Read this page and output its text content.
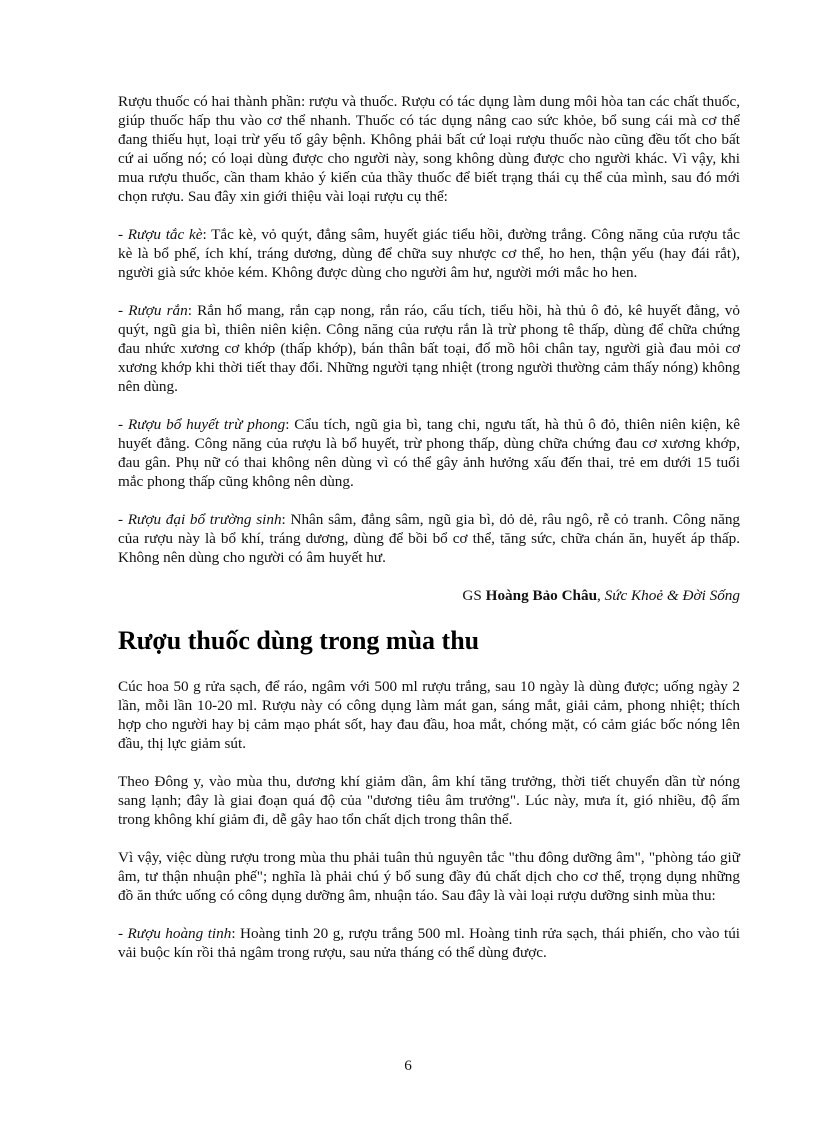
Rượu thuốc có hai thành phần: rượu và thuốc. Rượu có tác dụng làm dung môi hòa tan các chất thuốc, giúp thuốc hấp thu vào cơ thể nhanh. Thuốc có tác dụng nâng cao sức khỏe, bổ sung cái mà cơ thể đang thiếu hụt, loại trừ yếu tố gây bệnh. Không phải bất cứ loại rượu thuốc nào cũng đều tốt cho bất cứ ai uống nó; có loại dùng được cho người này, song không dùng được cho người khác. Vì vậy, khi mua rượu thuốc, cần tham khảo ý kiến của thầy thuốc để biết trạng thái cụ thể của mình, sau đó mới chọn rượu. Sau đây xin giới thiệu vài loại rượu cụ thể:

- Rượu tắc kè: Tắc kè, vỏ quýt, đẳng sâm, huyết giác tiểu hồi, đường trắng. Công năng của rượu tắc kè là bổ phế, ích khí, tráng dương, dùng để chữa suy nhược cơ thể, ho hen, thận yếu (hay đái rắt), người già sức khỏe kém. Không được dùng cho người âm hư, người mới mắc ho hen.

- Rượu rắn: Rắn hổ mang, rắn cạp nong, rắn ráo, cẩu tích, tiểu hồi, hà thủ ô đỏ, kê huyết đằng, vỏ quýt, ngũ gia bì, thiên niên kiện. Công năng của rượu rắn là trừ phong tê thấp, dùng để chữa chứng đau nhức xương cơ khớp (thấp khớp), bán thân bất toại, đổ mồ hôi chân tay, người già đau mỏi cơ xương khớp khi thời tiết thay đổi. Những người tạng nhiệt (trong người thường cảm thấy nóng) không nên dùng.

- Rượu bổ huyết trừ phong: Cẩu tích, ngũ gia bì, tang chi, ngưu tất, hà thủ ô đỏ, thiên niên kiện, kê huyết đằng. Công năng của rượu là bổ huyết, trừ phong thấp, dùng chữa chứng đau cơ xương khớp, đau gân. Phụ nữ có thai không nên dùng vì có thể gây ảnh hưởng xấu đến thai, trẻ em dưới 15 tuổi mắc phong thấp cũng không nên dùng.

- Rượu đại bổ trường sinh: Nhân sâm, đẳng sâm, ngũ gia bì, dỏ dẻ, râu ngô, rễ cỏ tranh. Công năng của rượu này là bổ khí, tráng dương, dùng để bồi bổ cơ thể, tăng sức, chữa chán ăn, huyết áp thấp. Không nên dùng cho người có âm huyết hư.

GS Hoàng Bảo Châu, Sức Khoẻ & Đời Sống

Rượu thuốc dùng trong mùa thu

Cúc hoa 50 g rửa sạch, để ráo, ngâm với 500 ml rượu trắng, sau 10 ngày là dùng được; uống ngày 2 lần, mỗi lần 10-20 ml. Rượu này có công dụng làm mát gan, sáng mắt, giải cảm, phong nhiệt; thích hợp cho người hay bị cảm mạo phát sốt, hay đau đầu, hoa mắt, chóng mặt, có cảm giác bốc nóng lên đầu, thị lực giảm sút.

Theo Đông y, vào mùa thu, dương khí giảm dần, âm khí tăng trưởng, thời tiết chuyển dần từ nóng sang lạnh; đây là giai đoạn quá độ của "dương tiêu âm trưởng". Lúc này, mưa ít, gió nhiều, độ ẩm trong không khí giảm đi, dễ gây hao tổn chất dịch trong thân thể.

Vì vậy, việc dùng rượu trong mùa thu phải tuân thủ nguyên tắc "thu đông dưỡng âm", "phòng táo giữ âm, tư thận nhuận phế"; nghĩa là phải chú ý bổ sung đầy đủ chất dịch cho cơ thể, trọng dụng những đồ ăn thức uống có công dụng dưỡng âm, nhuận táo. Sau đây là vài loại rượu dưỡng sinh mùa thu:

- Rượu hoàng tinh: Hoàng tinh 20 g, rượu trắng 500 ml. Hoàng tinh rửa sạch, thái phiến, cho vào túi vải buộc kín rồi thả ngâm trong rượu, sau nửa tháng có thể dùng được.

6
